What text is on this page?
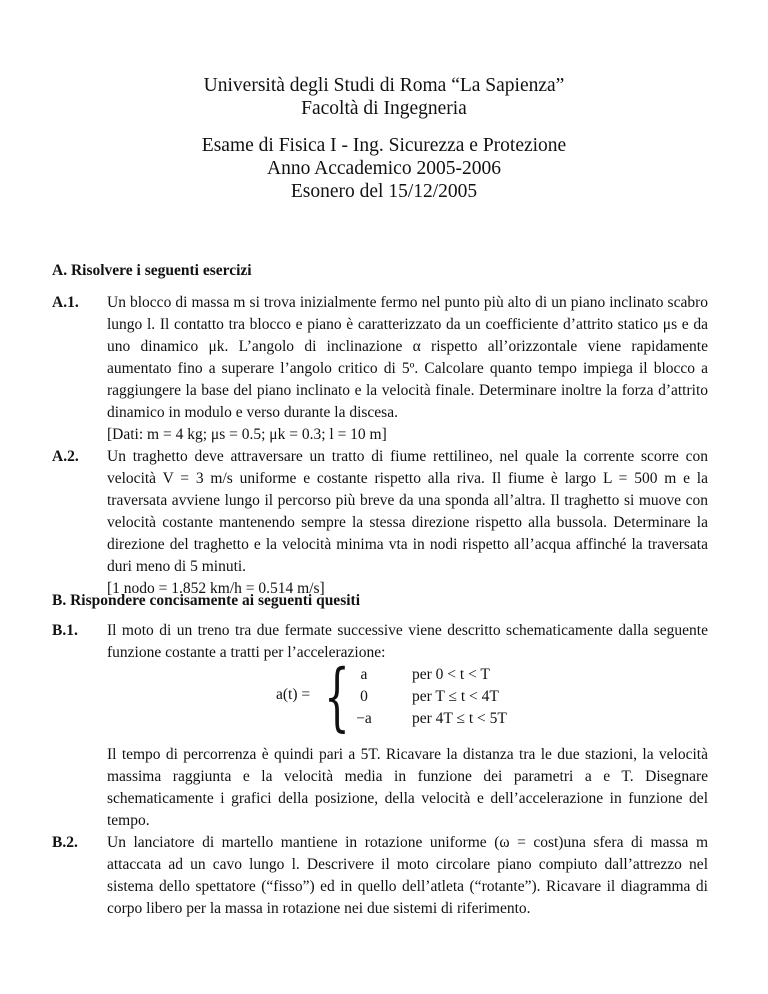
Università degli Studi di Roma “La Sapienza”
Facoltà di Ingegneria
Esame di Fisica I - Ing. Sicurezza e Protezione
Anno Accademico 2005-2006
Esonero del 15/12/2005
A. Risolvere i seguenti esercizi
A.1. Un blocco di massa m si trova inizialmente fermo nel punto più alto di un piano inclinato scabro lungo l. Il contatto tra blocco e piano è caratterizzato da un coefficiente d’attrito statico μs e da uno dinamico μk. L’angolo di inclinazione α rispetto all’orizzontale viene rapidamente aumentato fino a superare l’angolo critico di 5º. Calcolare quanto tempo impiega il blocco a raggiungere la base del piano inclinato e la velocità finale. Determinare inoltre la forza d’attrito dinamico in modulo e verso durante la discesa.
[Dati: m = 4 kg; μs = 0.5; μk = 0.3; l = 10 m]
A.2. Un traghetto deve attraversare un tratto di fiume rettilineo, nel quale la corrente scorre con velocità V = 3 m/s uniforme e costante rispetto alla riva. Il fiume è largo L = 500 m e la traversata avviene lungo il percorso più breve da una sponda all’altra. Il traghetto si muove con velocità costante mantenendo sempre la stessa direzione rispetto alla bussola. Determinare la direzione del traghetto e la velocità minima vta in nodi rispetto all’acqua affinché la traversata duri meno di 5 minuti.
[1 nodo = 1.852 km/h = 0.514 m/s]
B. Rispondere concisamente ai seguenti quesiti
B.1. Il moto di un treno tra due fermate successive viene descritto schematicamente dalla seguente funzione costante a tratti per l’accelerazione:
a(t) = { a
0
−a
per 0 < t < T
per T ≤ t < 4T
per 4T ≤ t < 5T
Il tempo di percorrenza è quindi pari a 5T. Ricavare la distanza tra le due stazioni, la velocità massima raggiunta e la velocità media in funzione dei parametri a e T. Disegnare schematicamente i grafici della posizione, della velocità e dell’accelerazione in funzione del tempo.
B.2. Un lanciatore di martello mantiene in rotazione uniforme (ω = cost)una sfera di massa m attaccata ad un cavo lungo l. Descrivere il moto circolare piano compiuto dall’attrezzo nel sistema dello spettatore (“fisso”) ed in quello dell’atleta (“rotante”). Ricavare il diagramma di corpo libero per la massa in rotazione nei due sistemi di riferimento.
